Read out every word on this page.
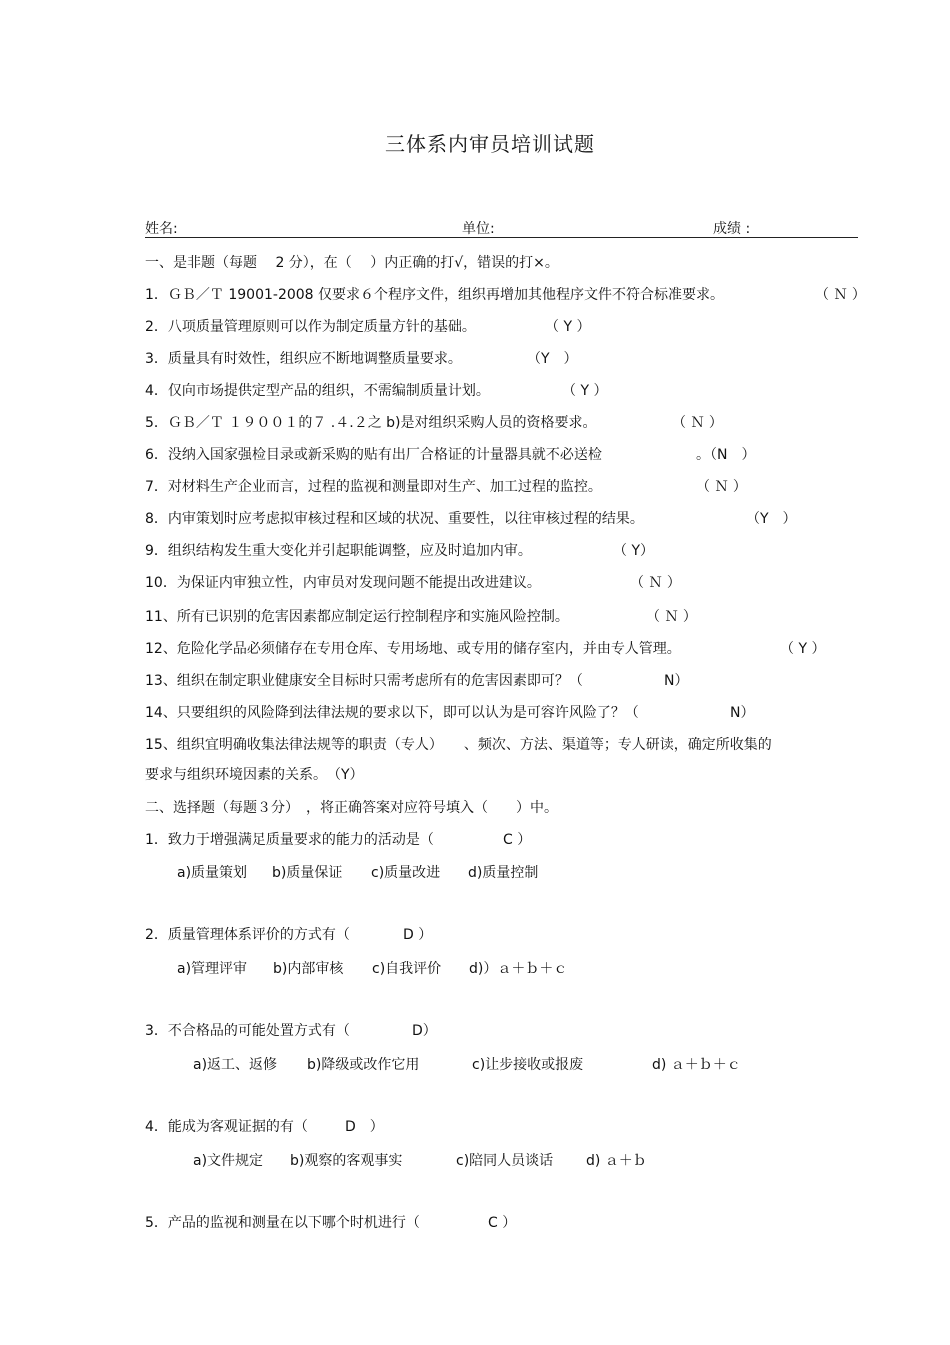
三体系内审员培训试题
姓名:	单位:	成绩 :
一、是非题（每题　 2 分），在（　 ）内正确的打√，错误的打×。
1．ＧＢ／Ｔ 19001-2008 仅要求６个程序文件，组织再增加其他程序文件不符合标准要求。	（ Ｎ ）
2．八项质量管理原则可以作为制定质量方针的基础。	（ Y ）
3．质量具有时效性，组织应不断地调整质量要求。	（Y　）
4．仅向市场提供定型产品的组织，不需编制质量计划。	（ Y ）
5．ＧＢ／Ｔ １９００１的７ .４.２之 b)是对组织采购人员的资格要求。	（ Ｎ ）
6．没纳入国家强检目录或新采购的贴有出厂合格证的计量器具就不必送检	。（N　）
7．对材料生产企业而言，过程的监视和测量即对生产、加工过程的监控。	（ Ｎ ）
8．内审策划时应考虑拟审核过程和区域的状况、重要性，以往审核过程的结果。	（Y　）
9．组织结构发生重大变化并引起职能调整，应及时追加内审。	（ Y）
10．为保证内审独立性，内审员对发现问题不能提出改进建议。	（ Ｎ ）
11、所有已识别的危害因素都应制定运行控制程序和实施风险控制。	（ Ｎ ）
12、危险化学品必须储存在专用仓库、专用场地、或专用的储存室内，并由专人管理。	（ Y ）
13、组织在制定职业健康安全目标时只需考虑所有的危害因素即可？（	N）
14、只要组织的风险降到法律法规的要求以下，即可以认为是可容许风险了？（	N）
15、组织宜明确收集法律法规等的职责（专人）　　、频次、方法、渠道等；专人研读，确定所收集的
要求与组织环境因素的关系。　（Y）
二、选择题（每题３分）　，将正确答案对应符号填入（　　）中。
1．致力于增强满足质量要求的能力的活动是（	C ）
a)质量策划 b)质量保证 c)质量改进 d)质量控制
2．质量管理体系评价的方式有（	D ）
a)管理评审 b)内部审核 c)自我评价 d)）ａ＋ｂ＋ｃ
3．不合格品的可能处置方式有（	D）
a)返工、返修 b)降级或改作它用	c)让步接收或报废	d) ａ＋ｂ＋ｃ
4．能成为客观证据的有（	D　）
a)文件规定 b)观察的客观事实	c)陪同人员谈话 d) ａ＋ｂ
5．产品的监视和测量在以下哪个时机进行（	C ）
